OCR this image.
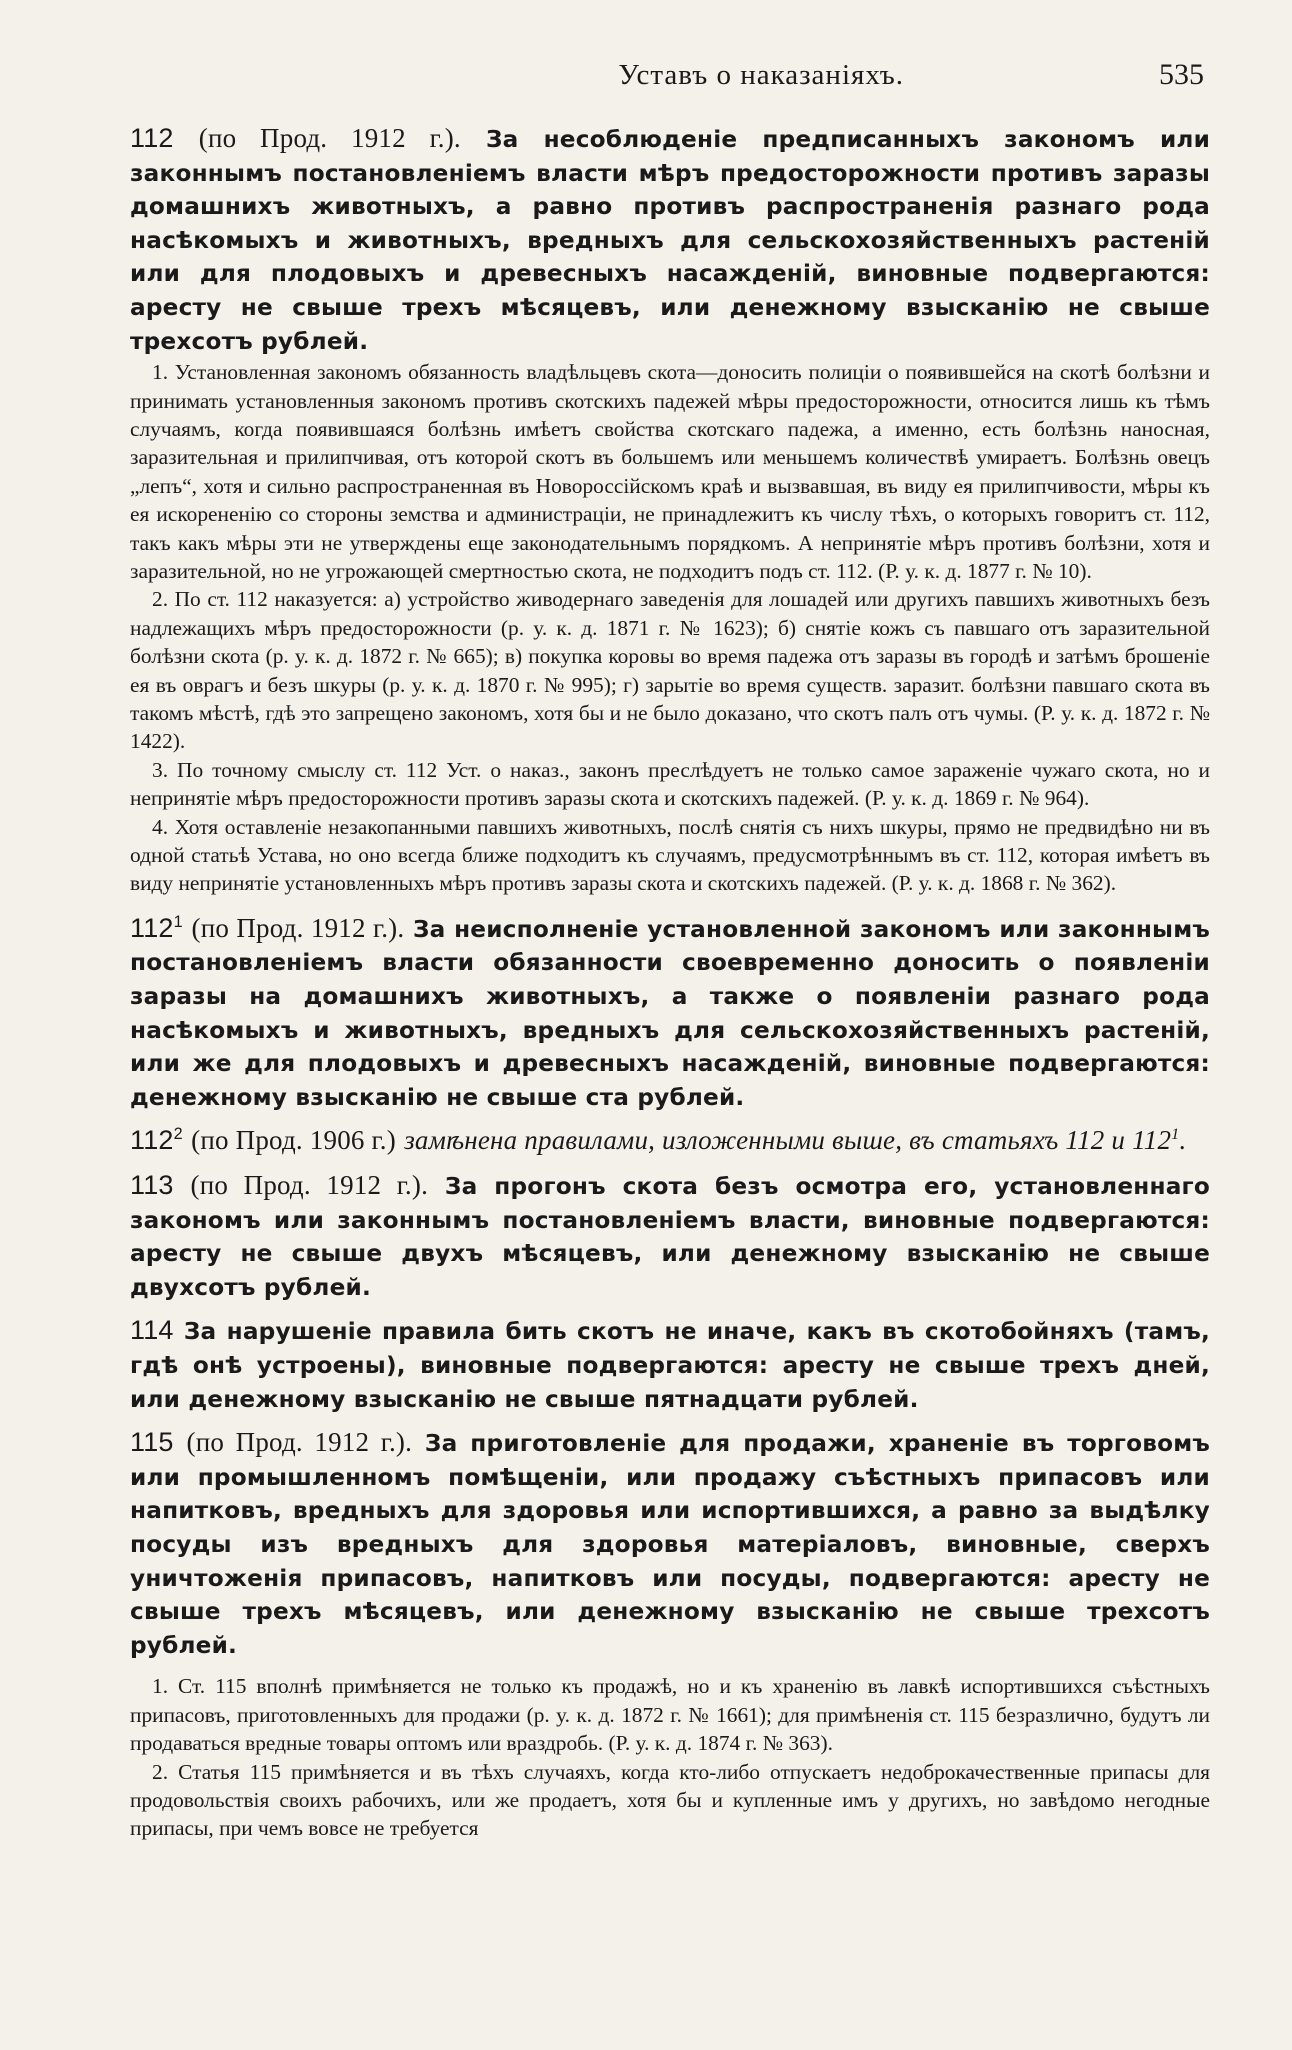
Уставъ о наказаніяхъ.	535

112 (по Прод. 1912 г.). За несоблюденіе предписанныхъ закономъ или законнымъ постановленіемъ власти мѣръ предосторожности противъ заразы домашнихъ животныхъ, а равно противъ распространенія разнаго рода насѣкомыхъ и животныхъ, вредныхъ для сельскохозяйственныхъ растеній или для плодовыхъ и древесныхъ насажденій, виновные подвергаются: аресту не свыше трехъ мѣсяцевъ, или денежному взысканію не свыше трехсотъ рублей.

1. Установленная закономъ обязанность владѣльцевъ скота—доносить полиціи о появившейся на скотѣ болѣзни и принимать установленныя закономъ противъ скотскихъ падежей мѣры предосторожности, относится лишь къ тѣмъ случаямъ, когда появившаяся болѣзнь имѣетъ свойства скотскаго падежа, а именно, есть болѣзнь наносная, заразительная и прилипчивая, отъ которой скотъ въ большемъ или меньшемъ количествѣ умираетъ. Болѣзнь овецъ „лепъ“, хотя и сильно распространенная въ Новороссійскомъ краѣ и вызвавшая, въ виду ея прилипчивости, мѣры къ ея искорененію со стороны земства и администраціи, не принадлежитъ къ числу тѣхъ, о которыхъ говоритъ ст. 112, такъ какъ мѣры эти не утверждены еще законодательнымъ порядкомъ. А непринятіе мѣръ противъ болѣзни, хотя и заразительной, но не угрожающей смертностью скота, не подходитъ подъ ст. 112. (Р. у. к. д. 1877 г. № 10).

2. По ст. 112 наказуется: а) устройство живодернаго заведенія для лошадей или другихъ павшихъ животныхъ безъ надлежащихъ мѣръ предосторожности (р. у. к. д. 1871 г. № 1623); б) снятіе кожъ съ павшаго отъ заразительной болѣзни скота (р. у. к. д. 1872 г. № 665); в) покупка коровы во время падежа отъ заразы въ городѣ и затѣмъ брошеніе ея въ оврагъ и безъ шкуры (р. у. к. д. 1870 г. № 995); г) зарытіе во время существ. заразит. болѣзни павшаго скота въ такомъ мѣстѣ, гдѣ это запрещено закономъ, хотя бы и не было доказано, что скотъ палъ отъ чумы. (Р. у. к. д. 1872 г. № 1422).

3. По точному смыслу ст. 112 Уст. о наказ., законъ преслѣдуетъ не только самое зараженіе чужаго скота, но и непринятіе мѣръ предосторожности противъ заразы скота и скотскихъ падежей. (Р. у. к. д. 1869 г. № 964).

4. Хотя оставленіе незакопанными павшихъ животныхъ, послѣ снятія съ нихъ шкуры, прямо не предвидѣно ни въ одной статьѣ Устава, но оно всегда ближе подходитъ къ случаямъ, предусмотрѣннымъ въ ст. 112, которая имѣетъ въ виду непринятіе установленныхъ мѣръ противъ заразы скота и скотскихъ падежей. (Р. у. к. д. 1868 г. № 362).

$112^1$ (по Прод. 1912 г.). За неисполненіе установленной закономъ или законнымъ постановленіемъ власти обязанности своевременно доносить о появленіи заразы на домашнихъ животныхъ, а также о появленіи разнаго рода насѣкомыхъ и животныхъ, вредныхъ для сельскохозяйственныхъ растеній, или же для плодовыхъ и древесныхъ насажденій, виновные подвергаются: денежному взысканію не свыше ста рублей.

$112^2$ (по Прод. 1906 г.) замѣнена правилами, изложенными выше, въ статьяхъ 112 и $112^1$.

113 (по Прод. 1912 г.). За прогонъ скота безъ осмотра его, установленнаго закономъ или законнымъ постановленіемъ власти, виновные подвергаются: аресту не свыше двухъ мѣсяцевъ, или денежному взысканію не свыше двухсотъ рублей.

114 За нарушеніе правила бить скотъ не иначе, какъ въ скотобойняхъ (тамъ, гдѣ онѣ устроены), виновные подвергаются: аресту не свыше трехъ дней, или денежному взысканію не свыше пятнадцати рублей.

115 (по Прод. 1912 г.). За приготовленіе для продажи, храненіе въ торговомъ или промышленномъ помѣщеніи, или продажу съѣстныхъ припасовъ или напитковъ, вредныхъ для здоровья или испортившихся, а равно за выдѣлку посуды изъ вредныхъ для здоровья матеріаловъ, виновные, сверхъ уничтоженія припасовъ, напитковъ или посуды, подвергаются: аресту не свыше трехъ мѣсяцевъ, или денежному взысканію не свыше трехсотъ рублей.

1. Ст. 115 вполнѣ примѣняется не только къ продажѣ, но и къ храненію въ лавкѣ испортившихся съѣстныхъ припасовъ, приготовленныхъ для продажи (р. у. к. д. 1872 г. № 1661); для примѣненія ст. 115 безразлично, будутъ ли продаваться вредные товары оптомъ или враздробь. (Р. у. к. д. 1874 г. № 363).

2. Статья 115 примѣняется и въ тѣхъ случаяхъ, когда кто-либо отпускаетъ недоброкачественные припасы для продовольствія своихъ рабочихъ, или же продаетъ, хотя бы и купленные имъ у другихъ, но завѣдомо негодные припасы, при чемъ вовсе не требуется
